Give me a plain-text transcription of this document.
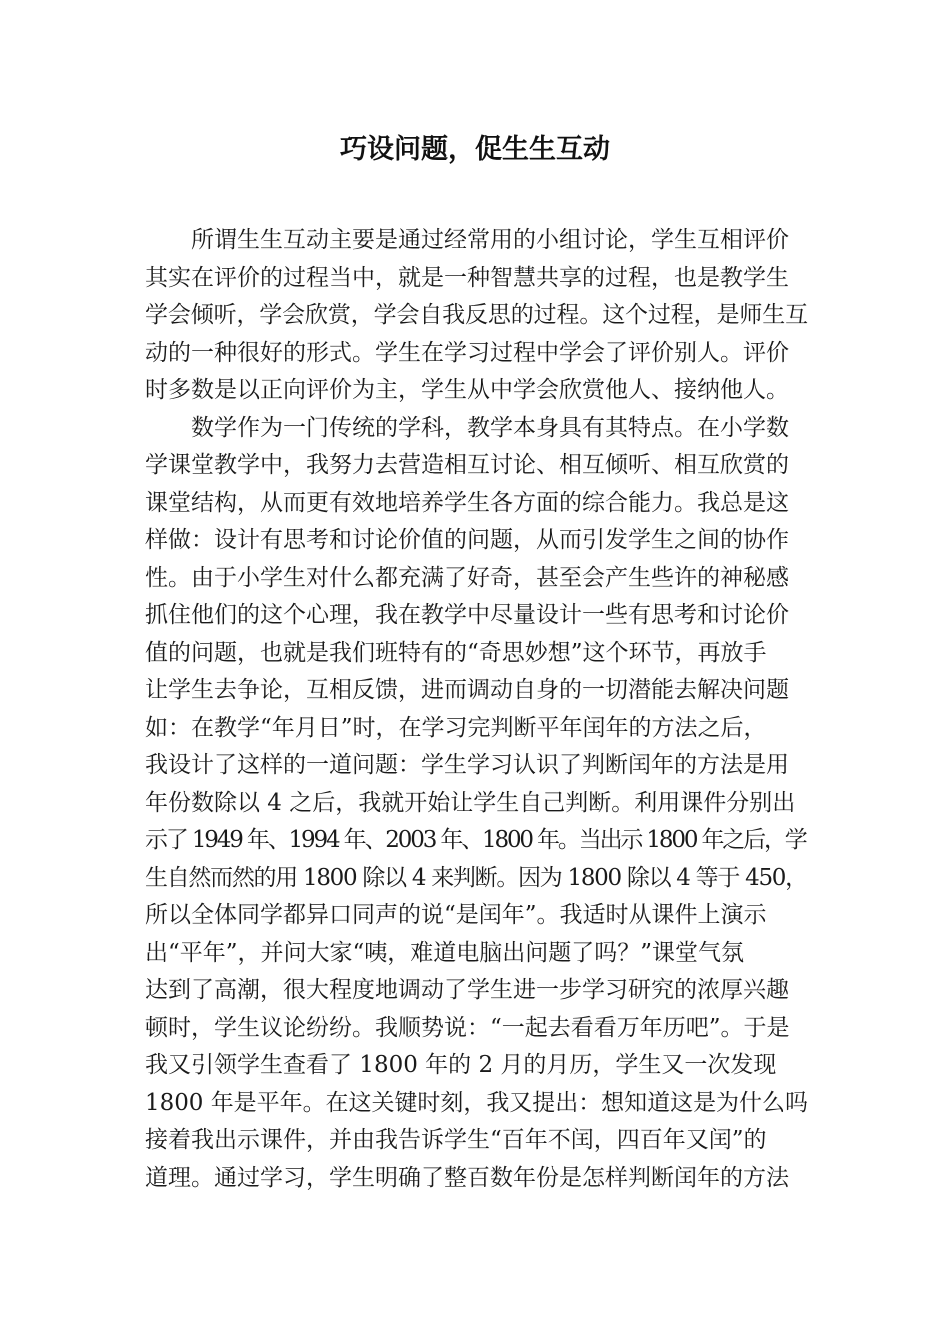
巧设问题，促生生互动
所谓生生互动主要是通过经常用的小组讨论，学生互相评价
其实在评价的过程当中，就是一种智慧共享的过程，也是教学生
学会倾听，学会欣赏，学会自我反思的过程。这个过程，是师生互
动的一种很好的形式。学生在学习过程中学会了评价别人。评价
时多数是以正向评价为主，学生从中学会欣赏他人、接纳他人。
数学作为一门传统的学科，教学本身具有其特点。在小学数
学课堂教学中，我努力去营造相互讨论、相互倾听、相互欣赏的
课堂结构，从而更有效地培养学生各方面的综合能力。我总是这
样做：设计有思考和讨论价值的问题，从而引发学生之间的协作
性。由于小学生对什么都充满了好奇，甚至会产生些许的神秘感
抓住他们的这个心理，我在教学中尽量设计一些有思考和讨论价
值的问题，也就是我们班特有的“奇思妙想”这个环节，再放手
让学生去争论，互相反馈，进而调动自身的一切潜能去解决问题
如：在教学“年月日”时，在学习完判断平年闰年的方法之后，
我设计了这样的一道问题：学生学习认识了判断闰年的方法是用
年份数除以 4 之后，我就开始让学生自己判断。利用课件分别出
示了 1949 年、1994 年、2003 年、1800 年。当出示 1800 年之后，学
生自然而然的用 1800 除以 4 来判断。因为 1800 除以 4 等于 450，
所以全体同学都异口同声的说“是闰年”。我适时从课件上演示
出“平年”，并问大家“咦，难道电脑出问题了吗？”课堂气氛
达到了高潮，很大程度地调动了学生进一步学习研究的浓厚兴趣
顿时，学生议论纷纷。我顺势说：“一起去看看万年历吧”。于是
我又引领学生查看了 1800 年的 2 月的月历，学生又一次发现
1800 年是平年。在这关键时刻，我又提出：想知道这是为什么吗
接着我出示课件，并由我告诉学生“百年不闰，四百年又闰”的
道理。通过学习，学生明确了整百数年份是怎样判断闰年的方法
